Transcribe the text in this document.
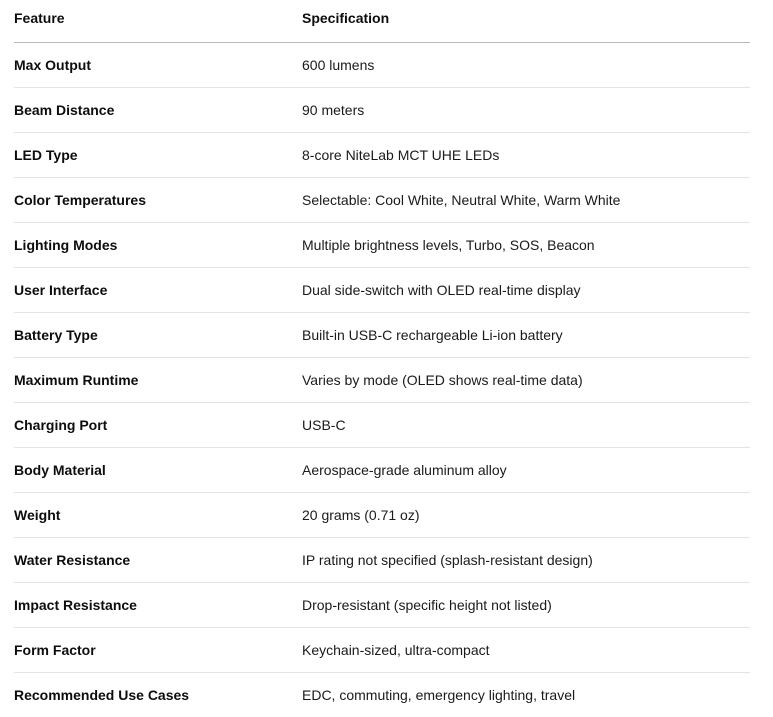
Feature	Specification
Max Output	600 lumens
Beam Distance	90 meters
LED Type	8-core NiteLab MCT UHE LEDs
Color Temperatures	Selectable: Cool White, Neutral White, Warm White
Lighting Modes	Multiple brightness levels, Turbo, SOS, Beacon
User Interface	Dual side-switch with OLED real-time display
Battery Type	Built-in USB-C rechargeable Li-ion battery
Maximum Runtime	Varies by mode (OLED shows real-time data)
Charging Port	USB-C
Body Material	Aerospace-grade aluminum alloy
Weight	20 grams (0.71 oz)
Water Resistance	IP rating not specified (splash-resistant design)
Impact Resistance	Drop-resistant (specific height not listed)
Form Factor	Keychain-sized, ultra-compact
Recommended Use Cases	EDC, commuting, emergency lighting, travel
